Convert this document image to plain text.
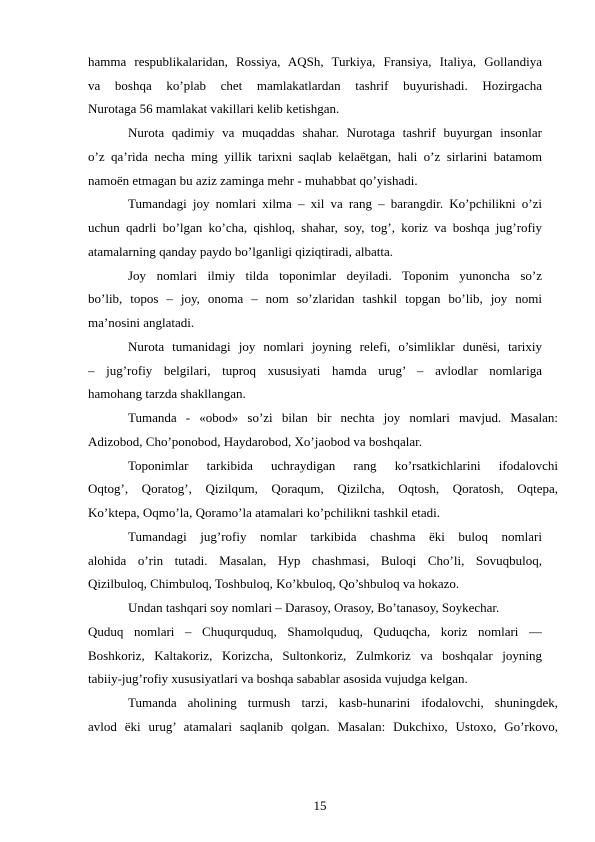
hamma respublikalaridan, Rossiya, AQSh, Turkiya, Fransiya, Italiya, Gollandiya
va boshqa ko’plab chet mamlakatlardan tashrif buyurishadi. Hozirgacha
Nurotaga 56 mamlakat vakillari kelib ketishgan.
Nurota qadimiy va muqaddas shahar. Nurotaga tashrif buyurgan insonlar
o’z qa’rida necha ming yillik tarixni saqlab kelaёtgan, hali o’z sirlarini batamom
namoёn etmagan bu aziz zaminga mehr - muhabbat qo’yishadi.
Tumandagi joy nomlari xilma – xil va rang – barangdir. Ko’pchilikni o’zi
uchun qadrli bo’lgan ko’cha, qishloq, shahar, soy, tog’, koriz va boshqa jug’rofiy
atamalarning qanday paydo bo’lganligi qiziqtiradi, albatta.
Joy nomlari ilmiy tilda toponimlar deyiladi. Toponim yunoncha so’z
bo’lib, topos – joy, onoma – nom so’zlaridan tashkil topgan bo’lib, joy nomi
ma’nosini anglatadi.
Nurota tumanidagi joy nomlari joyning relefi, o’simliklar dunёsi, tarixiy
– jug’rofiy belgilari, tuproq xususiyati hamda urug’ – avlodlar nomlariga
hamohang tarzda shakllangan.
Tumanda - «obod» so’zi bilan bir nechta joy nomlari mavjud. Masalan:
Adizobod, Cho’ponobod, Haydarobod, Xo’jaobod va boshqalar.
Toponimlar tarkibida uchraydigan rang ko’rsatkichlarini ifodalovchi
Oqtog’, Qoratog’, Qizilqum, Qoraqum, Qizilcha, Oqtosh, Qoratosh, Oqtepa,
Ko’ktepa, Oqmo’la, Qoramo’la atamalari ko’pchilikni tashkil etadi.
Tumandagi jug’rofiy nomlar tarkibida chashma ёki buloq nomlari
alohida o’rin tutadi. Masalan, Hyp chashmasi, Buloqi Cho’li, Sovuqbuloq,
Qizilbuloq, Chimbuloq, Toshbuloq, Ko’kbuloq, Qo’shbuloq va hokazo.
Undan tashqari soy nomlari – Darasoy, Orasoy, Bo’tanasoy, Soykechar.
Quduq nomlari – Chuqurquduq, Shamolquduq, Quduqcha, koriz nomlari —
Boshkoriz, Kaltakoriz, Korizcha, Sultonkoriz, Zulmkoriz va boshqalar joyning
tabiiy-jug’rofiy xususiyatlari va boshqa sabablar asosida vujudga kelgan.
Tumanda aholining turmush tarzi, kasb-hunarini ifodalovchi, shuningdek,
avlod ёki urug’ atamalari saqlanib qolgan. Masalan: Dukchixo, Ustoxo, Go’rkovo,
15
